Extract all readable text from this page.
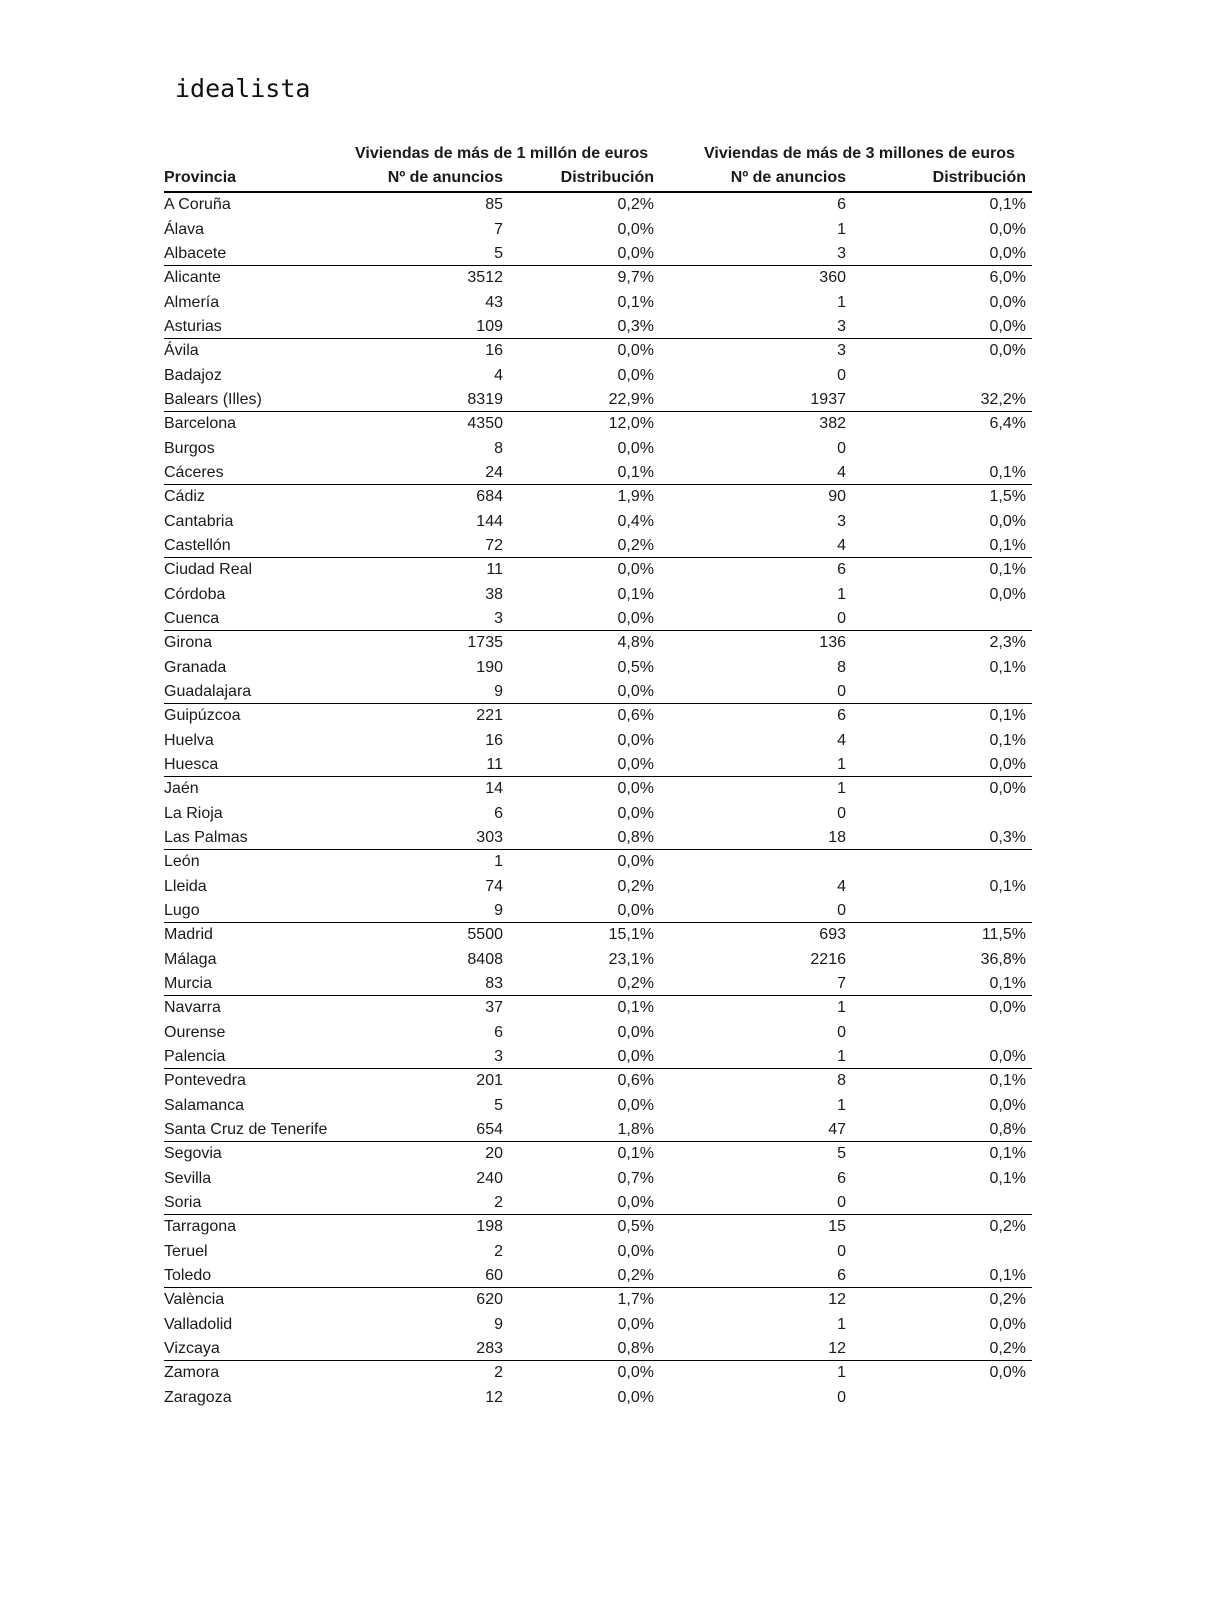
idealista
Viviendas de más de 1 millón de euros	Viviendas de más de 3 millones de euros
Provincia	Nº de anuncios	Distribución	Nº de anuncios	Distribución
A Coruña	85	0,2%	6	0,1%
Álava	7	0,0%	1	0,0%
Albacete	5	0,0%	3	0,0%
Alicante	3512	9,7%	360	6,0%
Almería	43	0,1%	1	0,0%
Asturias	109	0,3%	3	0,0%
Ávila	16	0,0%	3	0,0%
Badajoz	4	0,0%	0
Balears (Illes)	8319	22,9%	1937	32,2%
Barcelona	4350	12,0%	382	6,4%
Burgos	8	0,0%	0
Cáceres	24	0,1%	4	0,1%
Cádiz	684	1,9%	90	1,5%
Cantabria	144	0,4%	3	0,0%
Castellón	72	0,2%	4	0,1%
Ciudad Real	11	0,0%	6	0,1%
Córdoba	38	0,1%	1	0,0%
Cuenca	3	0,0%	0
Girona	1735	4,8%	136	2,3%
Granada	190	0,5%	8	0,1%
Guadalajara	9	0,0%	0
Guipúzcoa	221	0,6%	6	0,1%
Huelva	16	0,0%	4	0,1%
Huesca	11	0,0%	1	0,0%
Jaén	14	0,0%	1	0,0%
La Rioja	6	0,0%	0
Las Palmas	303	0,8%	18	0,3%
León	1	0,0%
Lleida	74	0,2%	4	0,1%
Lugo	9	0,0%	0
Madrid	5500	15,1%	693	11,5%
Málaga	8408	23,1%	2216	36,8%
Murcia	83	0,2%	7	0,1%
Navarra	37	0,1%	1	0,0%
Ourense	6	0,0%	0
Palencia	3	0,0%	1	0,0%
Pontevedra	201	0,6%	8	0,1%
Salamanca	5	0,0%	1	0,0%
Santa Cruz de Tenerife	654	1,8%	47	0,8%
Segovia	20	0,1%	5	0,1%
Sevilla	240	0,7%	6	0,1%
Soria	2	0,0%	0
Tarragona	198	0,5%	15	0,2%
Teruel	2	0,0%	0
Toledo	60	0,2%	6	0,1%
València	620	1,7%	12	0,2%
Valladolid	9	0,0%	1	0,0%
Vizcaya	283	0,8%	12	0,2%
Zamora	2	0,0%	1	0,0%
Zaragoza	12	0,0%	0
